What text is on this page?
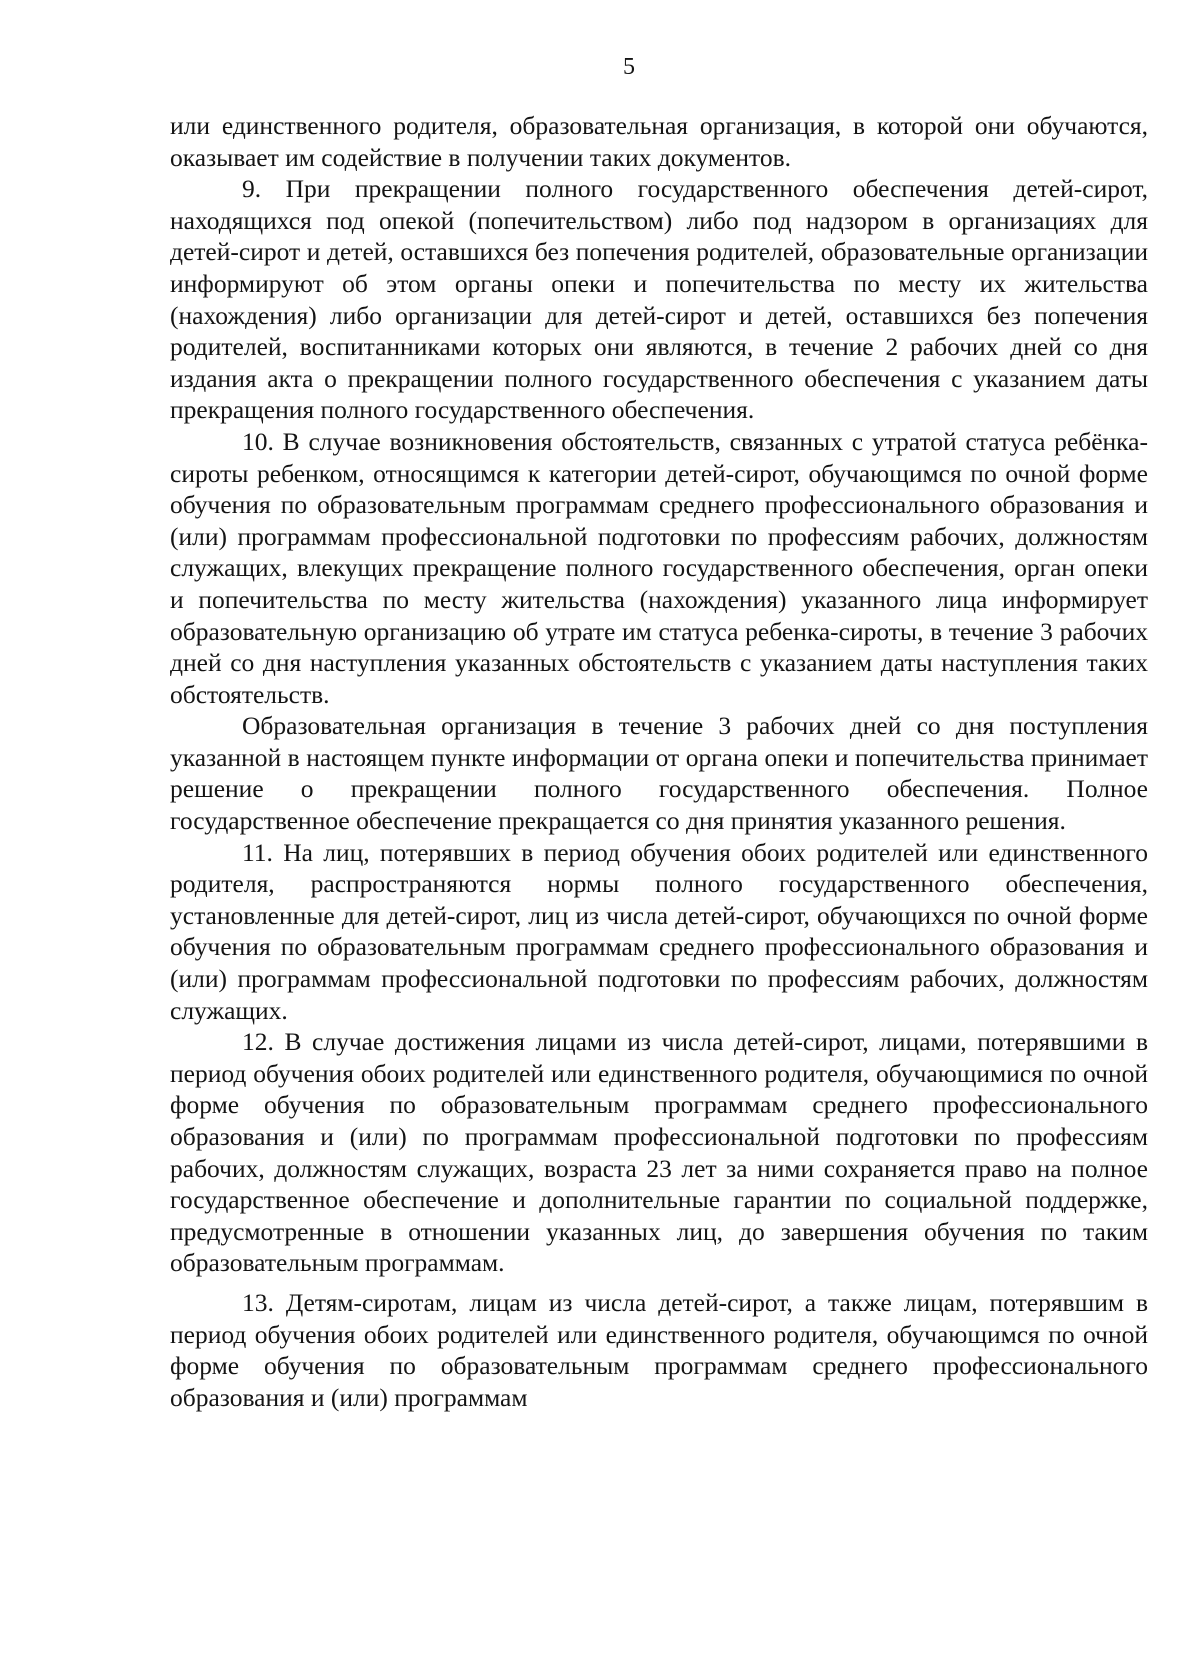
5

или единственного родителя, образовательная организация, в которой они обучаются, оказывает им содействие в получении таких документов.

9. При прекращении полного государственного обеспечения детей-сирот, находящихся под опекой (попечительством) либо под надзором в организациях для детей-сирот и детей, оставшихся без попечения родителей, образовательные организации информируют об этом органы опеки и попечительства по месту их жительства (нахождения) либо организации для детей-сирот и детей, оставшихся без попечения родителей, воспитанниками которых они являются, в течение 2 рабочих дней со дня издания акта о прекращении полного государственного обеспечения с указанием даты прекращения полного государственного обеспечения.

10. В случае возникновения обстоятельств, связанных с утратой статуса ребёнка-сироты ребенком, относящимся к категории детей-сирот, обучающимся по очной форме обучения по образовательным программам среднего профессионального образования и (или) программам профессиональной подготовки по профессиям рабочих, должностям служащих, влекущих прекращение полного государственного обеспечения, орган опеки и попечительства по месту жительства (нахождения) указанного лица информирует образовательную организацию об утрате им статуса ребенка-сироты, в течение 3 рабочих дней со дня наступления указанных обстоятельств с указанием даты наступления таких обстоятельств.

Образовательная организация в течение 3 рабочих дней со дня поступления указанной в настоящем пункте информации от органа опеки и попечительства принимает решение о прекращении полного государственного обеспечения. Полное государственное обеспечение прекращается со дня принятия указанного решения.

11. На лиц, потерявших в период обучения обоих родителей или единственного родителя, распространяются нормы полного государственного обеспечения, установленные для детей-сирот, лиц из числа детей-сирот, обучающихся по очной форме обучения по образовательным программам среднего профессионального образования и (или) программам профессиональной подготовки по профессиям рабочих, должностям служащих.

12. В случае достижения лицами из числа детей-сирот, лицами, потерявшими в период обучения обоих родителей или единственного родителя, обучающимися по очной форме обучения по образовательным программам среднего профессионального образования и (или) по программам профессиональной подготовки по профессиям рабочих, должностям служащих, возраста 23 лет за ними сохраняется право на полное государственное обеспечение и дополнительные гарантии по социальной поддержке, предусмотренные в отношении указанных лиц, до завершения обучения по таким образовательным программам.

13. Детям-сиротам, лицам из числа детей-сирот, а также лицам, потерявшим в период обучения обоих родителей или единственного родителя, обучающимся по очной форме обучения по образовательным программам среднего профессионального образования и (или) программам
